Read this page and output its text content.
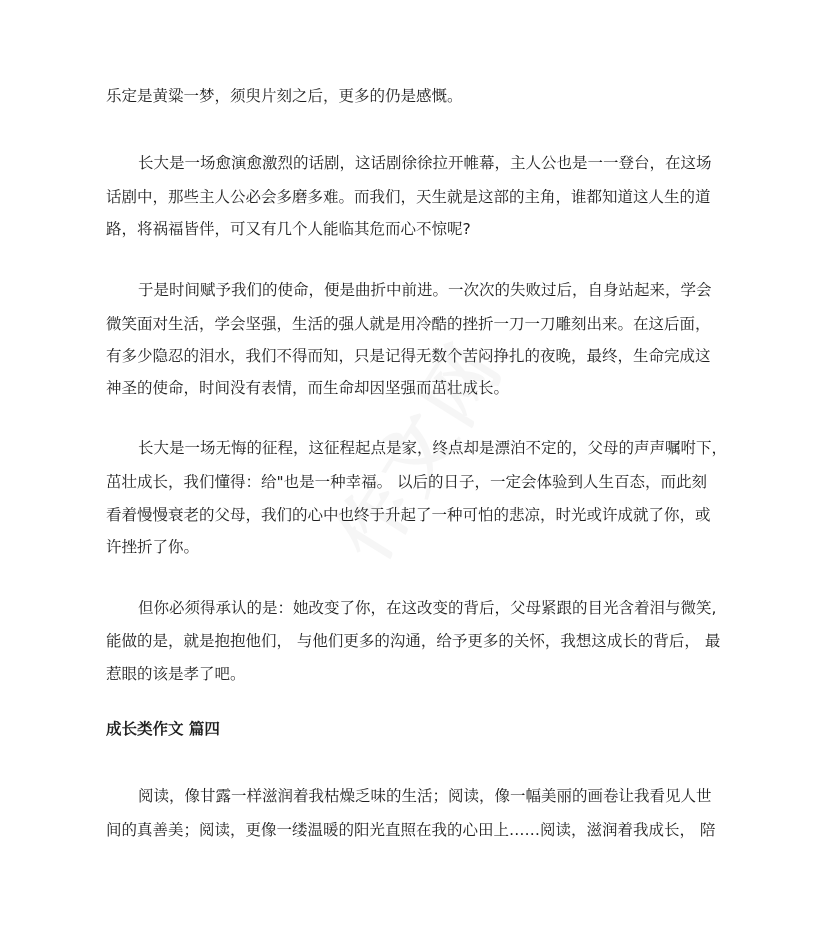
乐定是黄粱一梦，须臾片刻之后，更多的仍是感慨。
长大是一场愈演愈激烈的话剧，这话剧徐徐拉开帷幕，主人公也是一一登台，在这场
话剧中，那些主人公必会多磨多难。而我们，天生就是这部的主角，谁都知道这人生的道
路，将祸福皆伴，可又有几个人能临其危而心不惊呢?
于是时间赋予我们的使命，便是曲折中前进。一次次的失败过后，自身站起来，学会
微笑面对生活，学会坚强，生活的强人就是用冷酷的挫折一刀一刀雕刻出来。在这后面，
有多少隐忍的泪水，我们不得而知，只是记得无数个苦闷挣扎的夜晚，最终，生命完成这
神圣的使命，时间没有表情，而生命却因坚强而茁壮成长。
长大是一场无悔的征程，这征程起点是家，终点却是漂泊不定的，父母的声声嘱咐下，
茁壮成长，我们懂得：给"也是一种幸福。 以后的日子，一定会体验到人生百态，而此刻
看着慢慢衰老的父母，我们的心中也终于升起了一种可怕的悲凉，时光或许成就了你，或
许挫折了你。
但你必须得承认的是：她改变了你，在这改变的背后，父母紧跟的目光含着泪与微笑,
能做的是，就是抱抱他们， 与他们更多的沟通，给予更多的关怀，我想这成长的背后， 最
惹眼的该是孝了吧。
成长类作文 篇四
阅读，像甘露一样滋润着我枯燥乏味的生活；阅读，像一幅美丽的画卷让我看见人世
间的真善美；阅读，更像一缕温暖的阳光直照在我的心田上……阅读，滋润着我成长， 陪
